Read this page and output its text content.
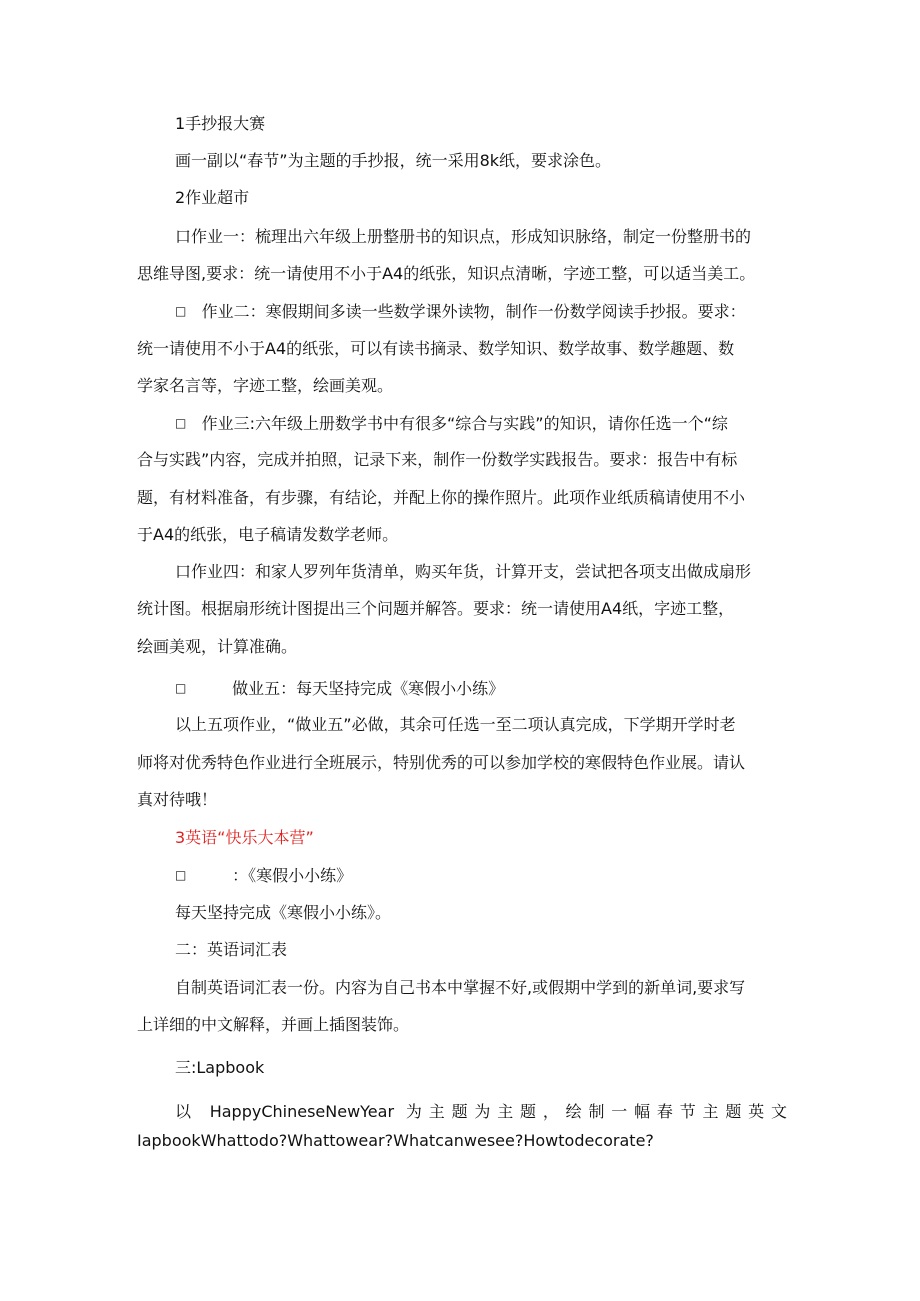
1手抄报大赛
画一副以“春节”为主题的手抄报，统一采用8k纸，要求涂色。
2作业超市
口作业一：梳理出六年级上册整册书的知识点，形成知识脉络，制定一份整册书的
思维导图,要求：统一请使用不小于A4的纸张，知识点清晰，字迹工整，可以适当美工。
□ 作业二：寒假期间多读一些数学课外读物，制作一份数学阅读手抄报。要求：
统一请使用不小于A4的纸张，可以有读书摘录、数学知识、数学故事、数学趣题、数
学家名言等，字迹工整，绘画美观。
□ 作业三:六年级上册数学书中有很多“综合与实践”的知识，请你任选一个“综
合与实践”内容，完成并拍照，记录下来，制作一份数学实践报告。要求：报告中有标
题，有材料准备，有步骤，有结论，并配上你的操作照片。此项作业纸质稿请使用不小
于A4的纸张，电子稿请发数学老师。
口作业四：和家人罗列年货清单，购买年货，计算开支，尝试把各项支出做成扇形
统计图。根据扇形统计图提出三个问题并解答。要求：统一请使用A4纸，字迹工整，
绘画美观，计算准确。
□	做业五：每天坚持完成《寒假小小练》
以上五项作业，“做业五”必做，其余可任选一至二项认真完成，下学期开学时老
师将对优秀特色作业进行全班展示，特别优秀的可以参加学校的寒假特色作业展。请认
真对待哦！
3英语“快乐大本营”
□	：《寒假小小练》
每天坚持完成《寒假小小练》。
二：英语词汇表
自制英语词汇表一份。内容为自己书本中掌握不好,或假期中学到的新单词,要求写
上详细的中文解释，并画上插图装饰。
三:Lapbook
以 HappyChineseNewYear 为主题为主题，绘制一幅春节主题英文
IapbookWhattodo?Whattowear?Whatcanwesee?Howtodecorate?
